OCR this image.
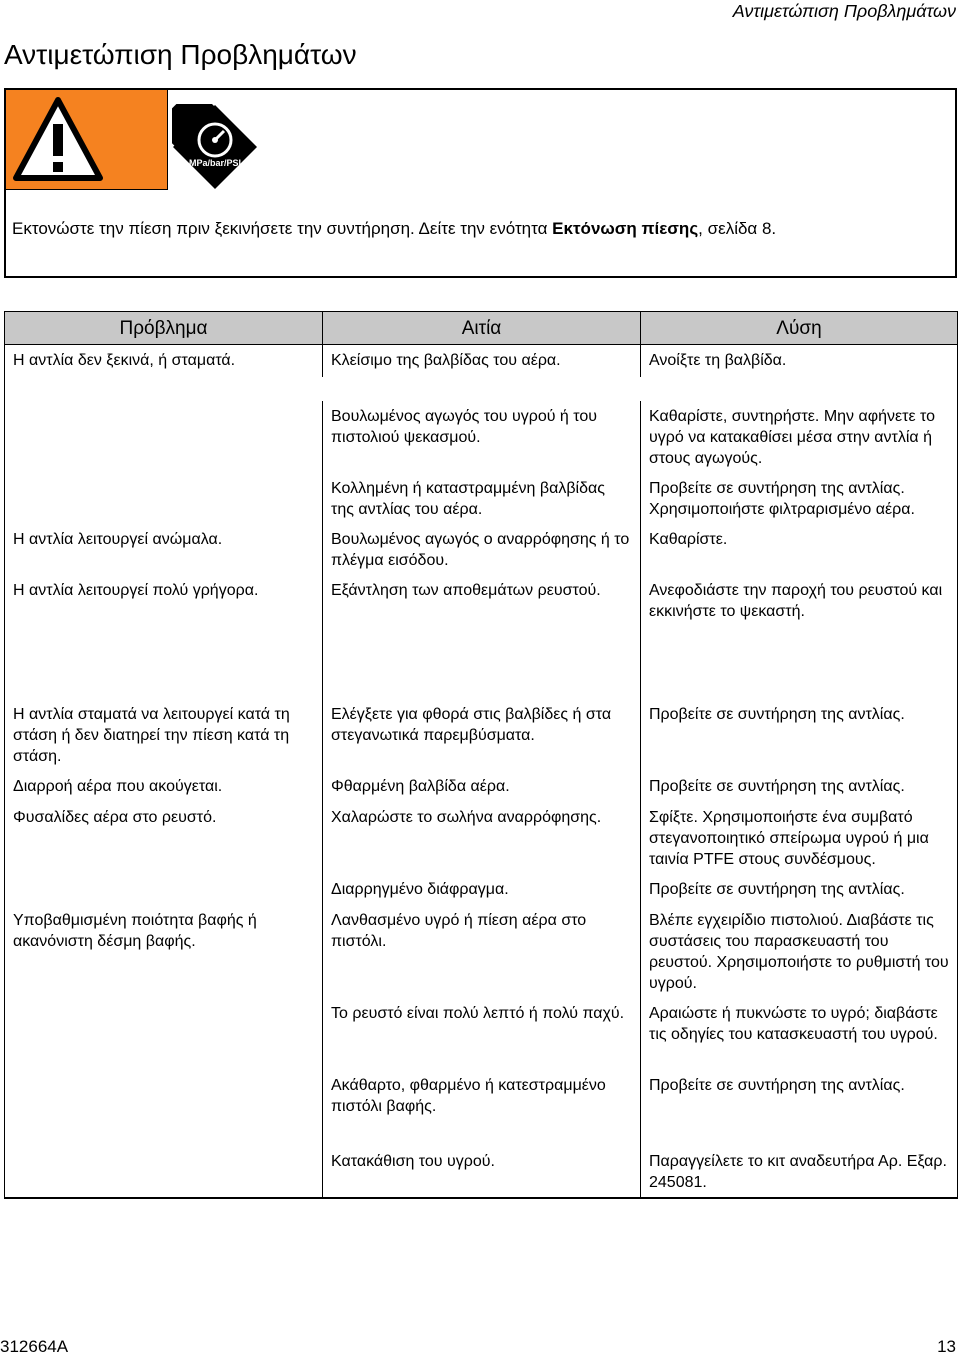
Αντιμετώπιση Προβλημάτων
Αντιμετώπιση Προβλημάτων
MPa/bar/PSI

Εκτονώστε την πίεση πριν ξεκινήσετε την συντήρηση. Δείτε την ενότητα Εκτόνωση πίεσης, σελίδα 8.

Πρόβλημα	Αιτία	Λύση
Η αντλία δεν ξεκινά, ή σταματά.	Κλείσιμο της βαλβίδας του αέρα.	Ανοίξτε τη βαλβίδα.

	Βουλωμένος αγωγός του υγρού ή του πιστολιού ψεκασμού.	Καθαρίστε, συντηρήστε. Μην αφήνετε το υγρό να κατακαθίσει μέσα στην αντλία ή στους αγωγούς.
	Κολλημένη ή καταστραμμένη βαλβίδας της αντλίας του αέρα.	Προβείτε σε συντήρηση της αντλίας. Χρησιμοποιήστε φιλτραρισμένο αέρα.
Η αντλία λειτουργεί ανώμαλα.	Βουλωμένος αγωγός ο αναρρόφησης ή το πλέγμα εισόδου.	Καθαρίστε.
Η αντλία λειτουργεί πολύ γρήγορα.	Εξάντληση των αποθεμάτων ρευστού.	Ανεφοδιάστε την παροχή του ρευστού και εκκινήστε το ψεκαστή.
Η αντλία σταματά να λειτουργεί κατά τη στάση ή δεν διατηρεί την πίεση κατά τη στάση.	Ελέγξετε για φθορά στις βαλβίδες ή στα στεγανωτικά παρεμβύσματα.	Προβείτε σε συντήρηση της αντλίας.
Διαρροή αέρα που ακούγεται.	Φθαρμένη βαλβίδα αέρα.	Προβείτε σε συντήρηση της αντλίας.
Φυσαλίδες αέρα στο ρευστό.	Χαλαρώστε το σωλήνα αναρρόφησης.	Σφίξτε. Χρησιμοποιήστε ένα συμβατό στεγανοποιητικό σπείρωμα υγρού ή μια ταινία PTFE στους συνδέσμους.
	Διαρρηγμένο διάφραγμα.	Προβείτε σε συντήρηση της αντλίας.
Υποβαθμισμένη ποιότητα βαφής ή ακανόνιστη δέσμη βαφής.	Λανθασμένο υγρό ή πίεση αέρα στο πιστόλι.	Βλέπε εγχειρίδιο πιστολιού. Διαβάστε τις συστάσεις του παρασκευαστή του ρευστού. Χρησιμοποιήστε το ρυθμιστή του υγρού.
	Το ρευστό είναι πολύ λεπτό ή πολύ παχύ.	Αραιώστε ή πυκνώστε το υγρό; διαβάστε τις οδηγίες του κατασκευαστή του υγρού.
	Ακάθαρτο, φθαρμένο ή κατεστραμμένο πιστόλι βαφής.	Προβείτε σε συντήρηση της αντλίας.
	Κατακάθιση του υγρού.	Παραγγείλετε το κιτ αναδευτήρα Αρ. Εξαρ. 245081.
312664A	13
